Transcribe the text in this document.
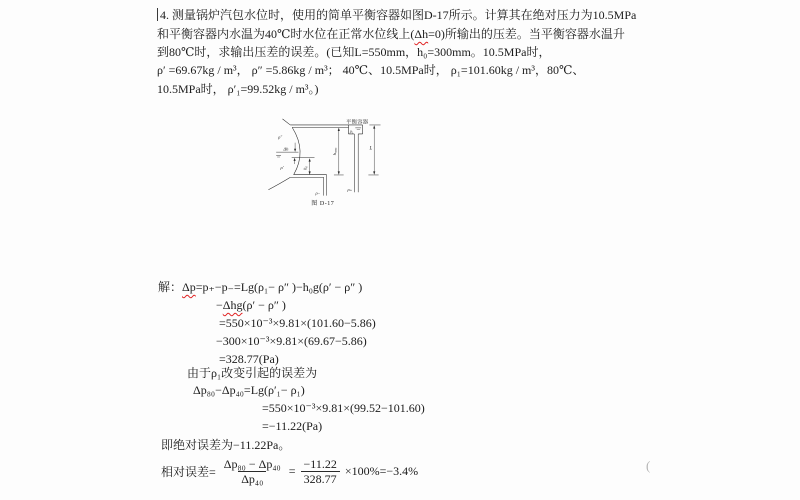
4. 测量锅炉汽包水位时，使用的简单平衡容器如图D-17所示。计算其在绝对压力为10.5MPa
和平衡容器内水温为40℃时水位在正常水位线上(Δh=0)所输出的压差。当平衡容器水温升
到80℃时，求输出压差的误差。(已知L=550mm，h₀=300mm。10.5MPa时，
ρ′ =69.67kg / m³， ρ″ =5.86kg / m³； 40℃、10.5MPa时， ρ₁=101.60kg / m³，80℃、
10.5MPa时， ρ′₁=99.52kg / m³。)
平衡容器
ρ₁
ρ″
ρ′
Δh
h₀
hmax	L
ρ₋
ρ₊
图 D-17
解：Δp=p₊−p₋=Lg(ρ₁− ρ″ )−h₀g(ρ′ − ρ″ )
−Δhg(ρ′ − ρ″ )
=550×10⁻³×9.81×(101.60−5.86)
−300×10⁻³×9.81×(69.67−5.86)
=328.77(Pa)
由于ρ₁改变引起的误差为
Δp₈₀−Δp₄₀=Lg(ρ′₁− ρ₁)
=550×10⁻³×9.81×(99.52−101.60)
=−11.22(Pa)
即绝对误差为−11.22Pa。
相对误差= $\frac{\text{Δp₈₀ − Δp₄₀}}{\text{Δp₄₀}} = \frac{-11.22}{328.77} \times 100\%=-3.4\%$	(
